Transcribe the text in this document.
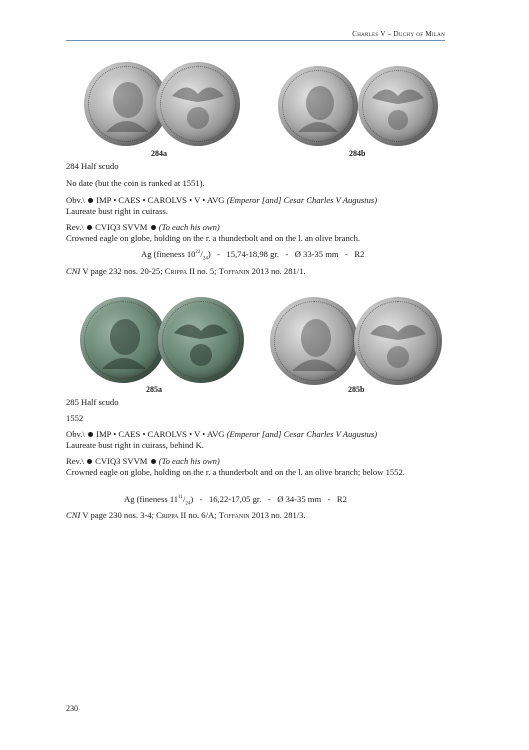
Charles V – Duchy of Milan
284a	284b
284 Half scudo
No date (but the coin is ranked at 1551).
Obv.\ IMP • CAES • CAROLVS • V • AVG (Emperor [and] Cesar Charles V Augustus)
Laureate bust right in cuirass.
Rev.\ CVIQ3 SVVM (To each his own)
Crowned eagle on globe, holding on the r. a thunderbolt and on the l. an olive branch.
Ag (fineness $10^{22}/_{24}) - 15,74-18,98$ gr.   -   Ø 33-35 mm   -   R2
CNI V page 232 nos. 20-25; Crippa II no. 5; Toffanin 2013 no. 281/1.
285a	285b
285 Half scudo
1552
Obv.\ IMP • CAES • CAROLVS • V • AVG (Emperor [and] Cesar Charles V Augustus)
Laureate bust right in cuirass, behind K.
Rev.\ CVIQ3 SVVM (To each his own)
Crowned eagle on globe, holding on the r. a thunderbolt and on the l. an olive branch; below 1552.
Ag (fineness $11^{11}/_{24}) - 16,22-17,05$ gr.   -   Ø 34-35 mm   -   R2
CNI V page 230 nos. 3-4; Crippa II no. 6/A; Toffanin 2013 no. 281/3.
230
